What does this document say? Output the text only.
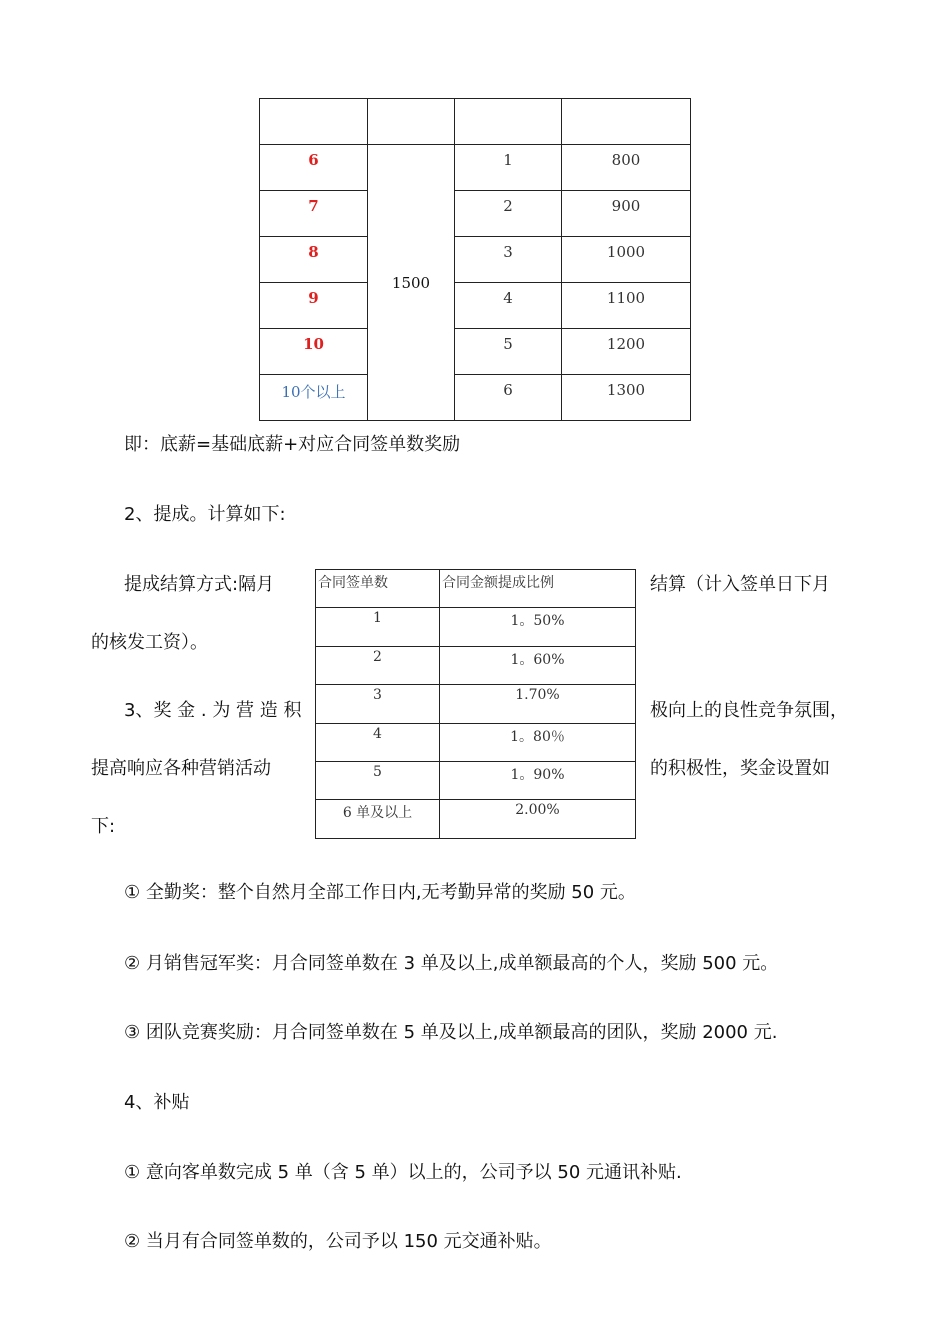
6	1500	1	800
7		2	900
8		3	1000
9		4	1100
10		5	1200
10个以上		6	1300
即：底薪=基础底薪+对应合同签单数奖励
2、提成。计算如下:
提成结算方式:隔月	结算（计入签单日下月
的核发工资）。
3、奖 金 . 为 营 造 积	极向上的良性竞争氛围，
提高响应各种营销活动	的积极性，奖金设置如
下:
合同签单数	合同金额提成比例
1	1。50%
2	1。60%
3	1.70%
4	1。80％
5	1。90%
6 单及以上	2.00%
① 全勤奖：整个自然月全部工作日内,无考勤异常的奖励 50 元。
② 月销售冠军奖：月合同签单数在 3 单及以上,成单额最高的个人，奖励 500 元。
③ 团队竞赛奖励：月合同签单数在 5 单及以上,成单额最高的团队，奖励 2000 元.
4、补贴
① 意向客单数完成 5 单（含 5 单）以上的，公司予以 50 元通讯补贴.
② 当月有合同签单数的，公司予以 150 元交通补贴。
